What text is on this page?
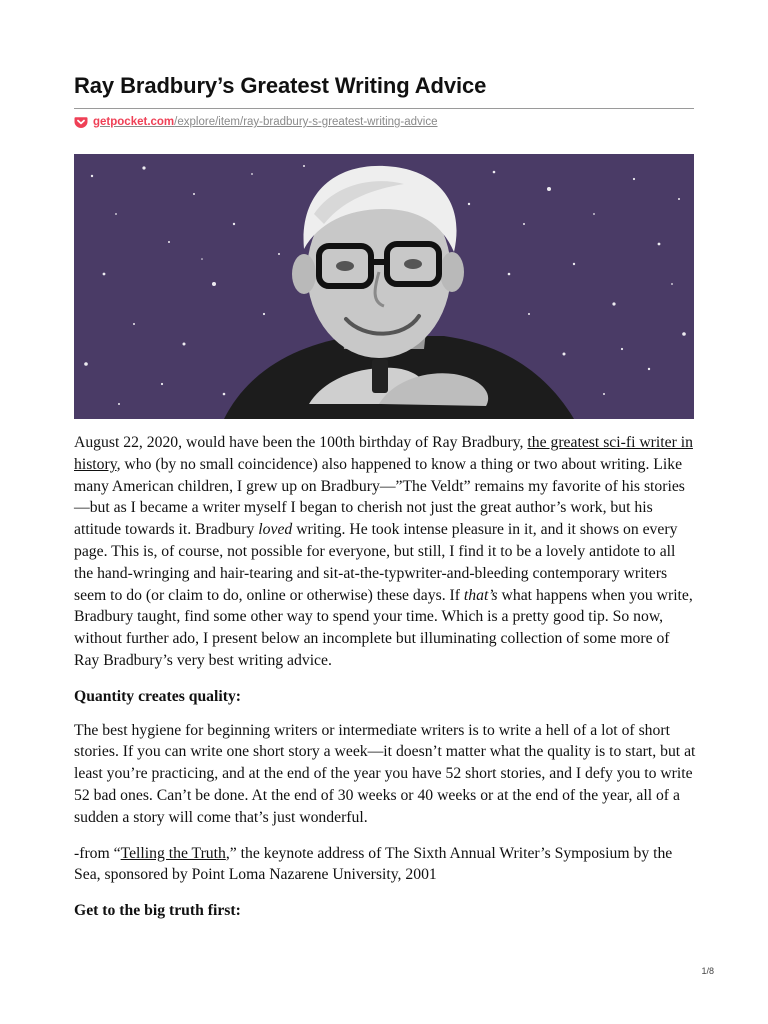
Ray Bradbury’s Greatest Writing Advice
getpocket.com/explore/item/ray-bradbury-s-greatest-writing-advice

August 22, 2020, would have been the 100th birthday of Ray Bradbury, the greatest sci-fi writer in history, who (by no small coincidence) also happened to know a thing or two about writing. Like many American children, I grew up on Bradbury—”The Veldt” remains my favorite of his stories—but as I became a writer myself I began to cherish not just the great author’s work, but his attitude towards it. Bradbury loved writing. He took intense pleasure in it, and it shows on every page. This is, of course, not possible for everyone, but still, I find it to be a lovely antidote to all the hand-wringing and hair-tearing and sit-at-the-typwriter-and-bleeding contemporary writers seem to do (or claim to do, online or otherwise) these days. If that’s what happens when you write, Bradbury taught, find some other way to spend your time. Which is a pretty good tip. So now, without further ado, I present below an incomplete but illuminating collection of some more of Ray Bradbury’s very best writing advice.

Quantity creates quality:

The best hygiene for beginning writers or intermediate writers is to write a hell of a lot of short stories. If you can write one short story a week—it doesn’t matter what the quality is to start, but at least you’re practicing, and at the end of the year you have 52 short stories, and I defy you to write 52 bad ones. Can’t be done. At the end of 30 weeks or 40 weeks or at the end of the year, all of a sudden a story will come that’s just wonderful.

-from “Telling the Truth,” the keynote address of The Sixth Annual Writer’s Symposium by the Sea, sponsored by Point Loma Nazarene University, 2001

Get to the big truth first:
1/8
